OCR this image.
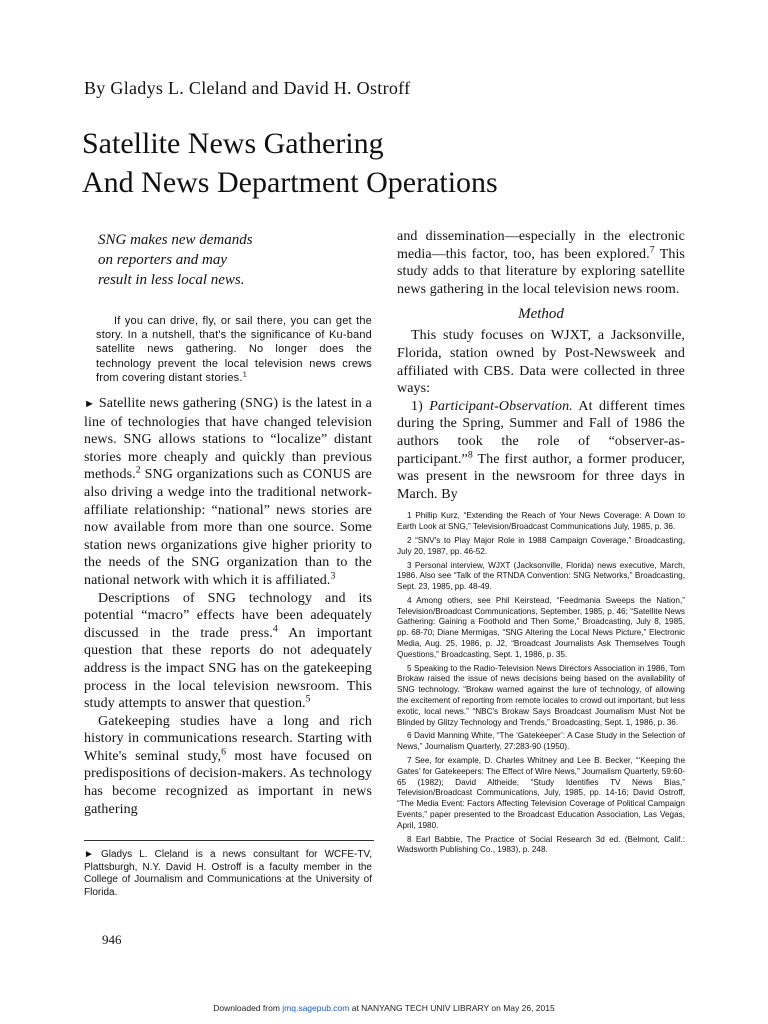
By Gladys L. Cleland and David H. Ostroff
Satellite News Gathering
And News Department Operations
SNG makes new demands
on reporters and may
result in less local news.

If you can drive, fly, or sail there, you can get the story. In a nutshell, that's the significance of Ku-band satellite news gathering. No longer does the technology prevent the local television news crews from covering distant stories.$^1$

► Satellite news gathering (SNG) is the latest in a line of technologies that have changed television news. SNG allows stations to “localize” distant stories more cheaply and quickly than previous methods.$^2$ SNG organizations such as CONUS are also driving a wedge into the traditional network-affiliate relationship: “national” news stories are now available from more than one source. Some station news organizations give higher priority to the needs of the SNG organization than to the national network with which it is affiliated.$^3$

Descriptions of SNG technology and its potential “macro” effects have been adequately discussed in the trade press.$^4$ An important question that these reports do not adequately address is the impact SNG has on the gatekeeping process in the local television newsroom. This study attempts to answer that question.$^5$

Gatekeeping studies have a long and rich history in communications research. Starting with White's seminal study,$^6$ most have focused on predispositions of decision-makers. As technology has become recognized as important in news gathering

► Gladys L. Cleland is a news consultant for WCFE-TV, Plattsburgh, N.Y. David H. Ostroff is a faculty member in the College of Journalism and Communications at the University of Florida.

and dissemination—especially in the electronic media—this factor, too, has been explored.$^7$ This study adds to that literature by exploring satellite news gathering in the local television news room.

Method

This study focuses on WJXT, a Jacksonville, Florida, station owned by Post-Newsweek and affiliated with CBS. Data were collected in three ways:

1) Participant-Observation. At different times during the Spring, Summer and Fall of 1986 the authors took the role of “observer-as-participant.”$^8$ The first author, a former producer, was present in the newsroom for three days in March. By

1 Phillip Kurz, “Extending the Reach of Your News Coverage: A Down to Earth Look at SNG,” Television/Broadcast Communications July, 1985, p. 36.

2 “SNV's to Play Major Role in 1988 Campaign Coverage,” Broadcasting, July 20, 1987, pp. 46-52.

3 Personal interview, WJXT (Jacksonville, Florida) news executive, March, 1986. Also see “Talk of the RTNDA Convention: SNG Networks,” Broadcasting, Sept. 23, 1985, pp. 48-49.

4 Among others, see Phil Keirstead, “Feedmania Sweeps the Nation,” Television/Broadcast Communications, September, 1985, p. 46; “Satellite News Gathering: Gaining a Foothold and Then Some,” Broadcasting, July 8, 1985, pp. 68-70; Diane Mermigas, “SNG Altering the Local News Picture,” Electronic Media, Aug. 25, 1986, p. J2, “Broadcast Journalists Ask Themselves Tough Questions,” Broadcasting, Sept. 1, 1986, p. 35.

5 Speaking to the Radio-Television News Directors Association in 1986, Tom Brokaw raised the issue of news decisions being based on the availability of SNG technology. “Brokaw warned against the lure of technology, of allowing the excitement of reporting from remote locales to crowd out important, but less exotic, local news.” “NBC's Brokaw Says Broadcast Journalism Must Not be Blinded by Glitzy Technology and Trends,” Broadcasting, Sept. 1, 1986, p. 36.

6 David Manning White, “The ‘Gatekeeper’: A Case Study in the Selection of News,” Journalism Quarterly, 27:283-90 (1950).

7 See, for example, D. Charles Whitney and Lee B. Becker, “‘Keeping the Gates’ for Gatekeepers: The Effect of Wire News,” Journalism Quarterly, 59:60-65 (1982); David Altheide, “Study Identifies TV News Bias,” Television/Broadcast Communications, July, 1985, pp. 14-16; David Ostroff, “The Media Event: Factors Affecting Television Coverage of Political Campaign Events,” paper presented to the Broadcast Education Association, Las Vegas, April, 1980.

8 Earl Babbie, The Practice of Social Research 3d ed. (Belmont, Calif.: Wadsworth Publishing Co., 1983), p. 248.

946
Downloaded from jmq.sagepub.com at NANYANG TECH UNIV LIBRARY on May 26, 2015
